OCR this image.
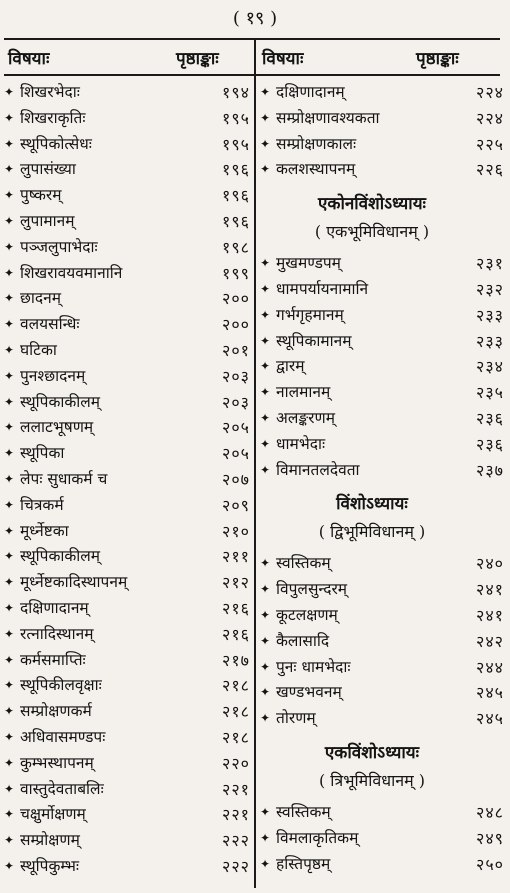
( १९ )
विषयाः	पृष्ठाङ्काः	विषयाः	पृष्ठाङ्काः
✦ शिखरभेदाः	१९४
✦ शिखराकृतिः	१९५
✦ स्थूपिकोत्सेधः	१९५
✦ लुपासंख्या	१९६
✦ पुष्करम्	१९६
✦ लुपामानम्	१९६
✦ पञ्जलुपाभेदाः	१९८
✦ शिखरावयवमानानि	१९९
✦ छादनम्	२००
✦ वलयसन्धिः	२००
✦ घटिका	२०१
✦ पुनश्छादनम्	२०३
✦ स्थूपिकाकीलम्	२०३
✦ ललाटभूषणम्	२०५
✦ स्थूपिका	२०५
✦ लेपः सुधाकर्म च	२०७
✦ चित्रकर्म	२०९
✦ मूर्ध्नेष्टका	२१०
✦ स्थूपिकाकीलम्	२११
✦ मूर्ध्नेष्टकादिस्थापनम्	२१२
✦ दक्षिणादानम्	२१६
✦ रत्नादिस्थानम्	२१६
✦ कर्मसमाप्तिः	२१७
✦ स्थूपिकीलवृक्षाः	२१८
✦ सम्प्रोक्षणकर्म	२१८
✦ अधिवासमण्डपः	२१८
✦ कुम्भस्थापनम्	२२०
✦ वास्तुदेवताबलिः	२२१
✦ चक्षुर्मोक्षणम्	२२१
✦ सम्प्रोक्षणम्	२२२
✦ स्थूपिकुम्भः	२२२
✦ दक्षिणादानम्	२२४
✦ सम्प्रोक्षणावश्यकता	२२४
✦ सम्प्रोक्षणकालः	२२५
✦ कलशस्थापनम्	२२६
एकोनविंशोऽध्यायः
( एकभूमिविधानम् )
✦ मुखमण्डपम्	२३१
✦ धामपर्यायनामानि	२३२
✦ गर्भगृहमानम्	२३३
✦ स्थूपिकामानम्	२३३
✦ द्वारम्	२३४
✦ नालमानम्	२३५
✦ अलङ्करणम्	२३६
✦ धामभेदाः	२३६
✦ विमानतलदेवता	२३७
विंशोऽध्यायः
( द्विभूमिविधानम् )
✦ स्वस्तिकम्	२४०
✦ विपुलसुन्दरम्	२४१
✦ कूटलक्षणम्	२४१
✦ कैलासादि	२४२
✦ पुनः धामभेदाः	२४४
✦ खण्डभवनम्	२४५
✦ तोरणम्	२४५
एकविंशोऽध्यायः
( त्रिभूमिविधानम् )
✦ स्वस्तिकम्	२४८
✦ विमलाकृतिकम्	२४९
✦ हस्तिपृष्ठम्	२५०
